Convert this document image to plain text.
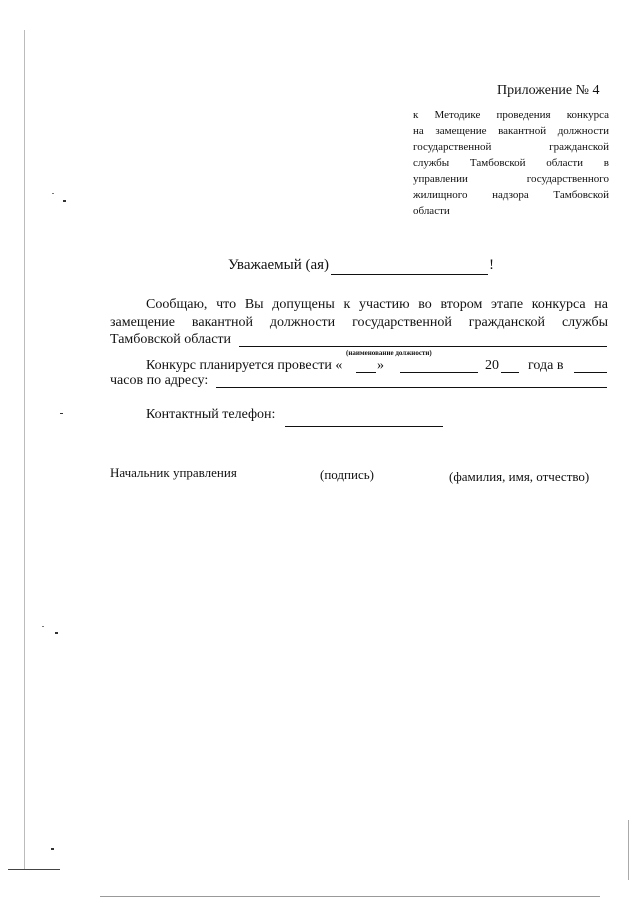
Приложение № 4
к Методике проведения конкурса
на замещение вакантной должности
государственной гражданской
службы Тамбовской области в
управлении государственного
жилищного надзора Тамбовской
области
Уважаемый (ая)	!
Сообщаю, что Вы допущены к участию во втором этапе конкурса на
замещение вакантной должности государственной гражданской службы
Тамбовской области
(наименование должности)
Конкурс планируется провести « »	20 года в
часов по адресу:
Контактный телефон:
Начальник управления	(подпись)	(фамилия, имя, отчество)
